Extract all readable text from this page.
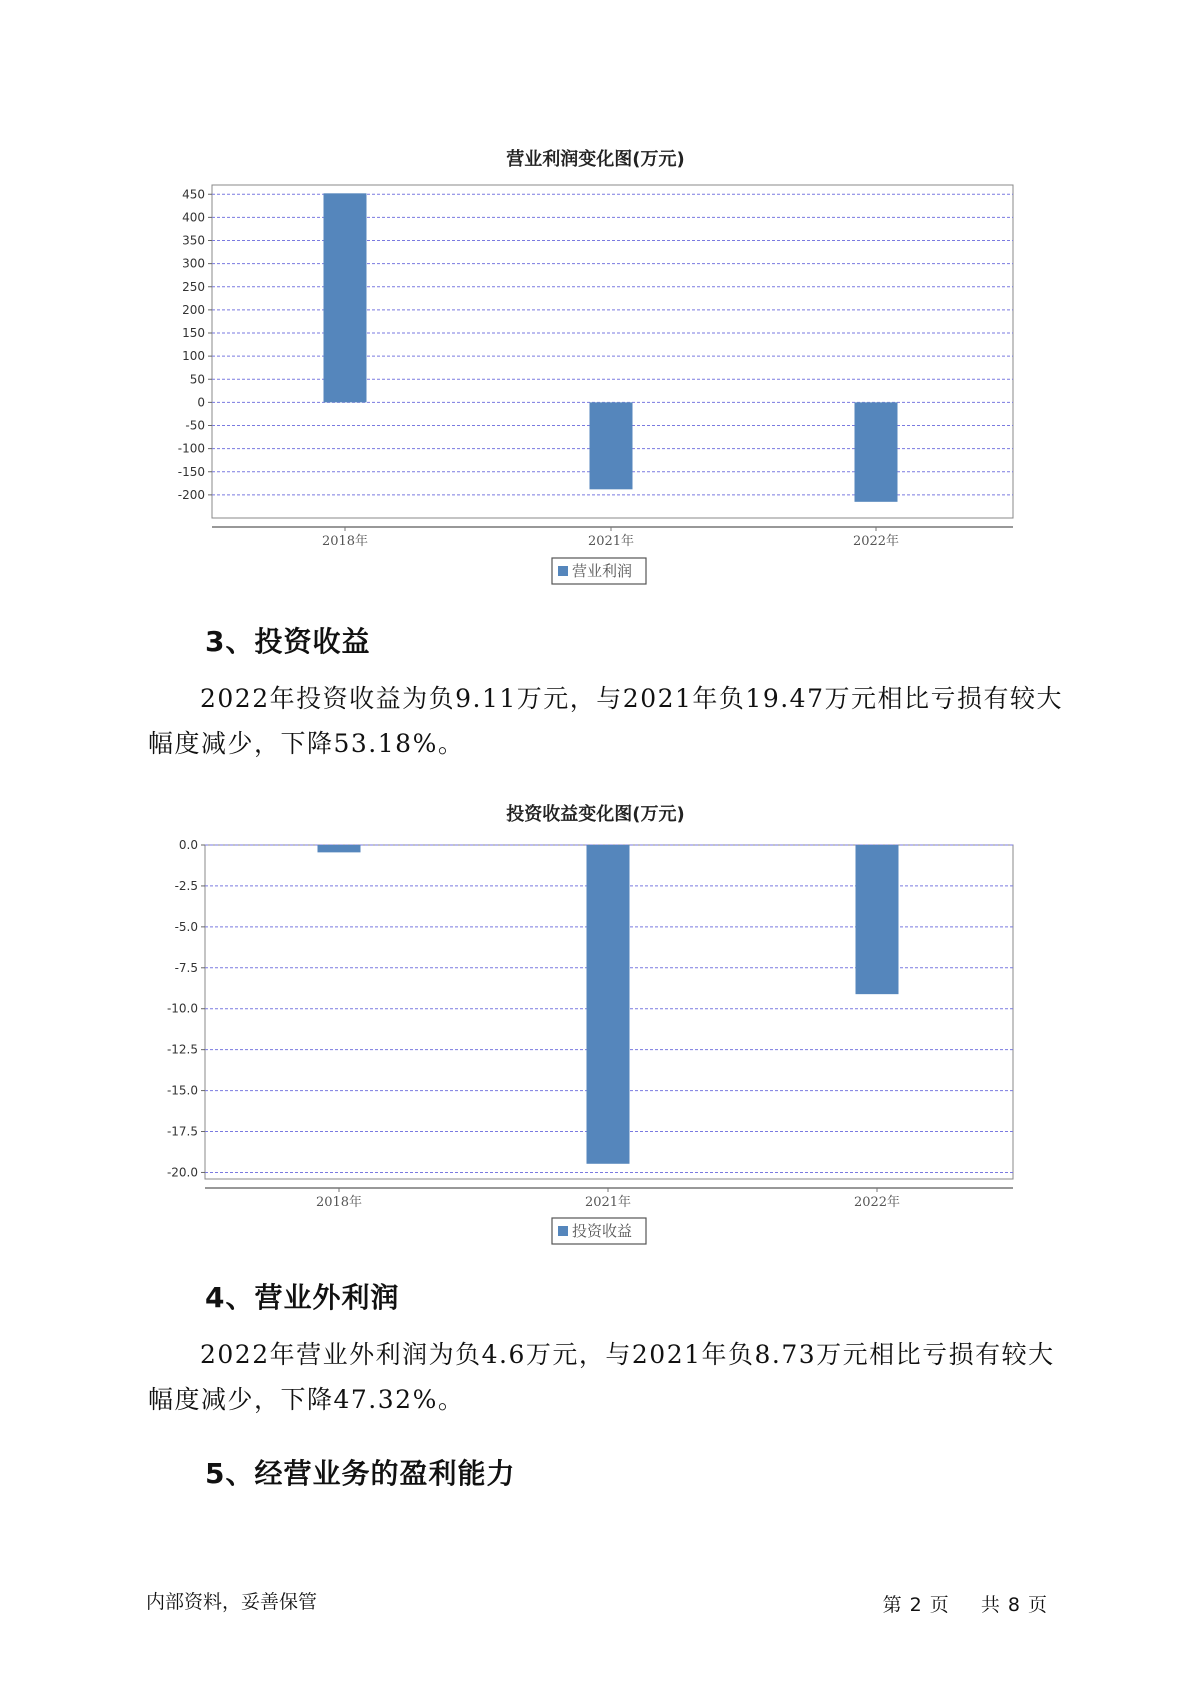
营业利润变化图(万元)
450
400
350
300
250
200
150
100
50
0
-50
-100
-150
-200
2018年	2021年	2022年
营业利润
3、投资收益

2022年投资收益为负9.11万元，与2021年负19.47万元相比亏损有较大幅度减少，下降53.18%。

投资收益变化图(万元)
0.0
-2.5
-5.0
-7.5
-10.0
-12.5
-15.0
-17.5
-20.0
2018年	2021年	2022年
投资收益
4、营业外利润

2022年营业外利润为负4.6万元，与2021年负8.73万元相比亏损有较大幅度减少，下降47.32%。

5、经营业务的盈利能力
内部资料，妥善保管	第 2 页 共 8 页
